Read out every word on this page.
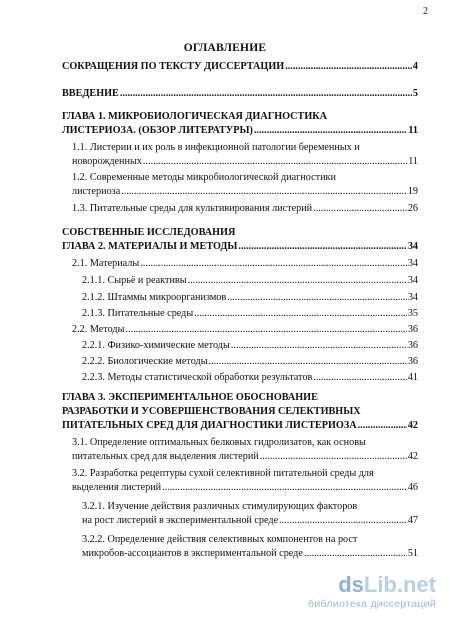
2
ОГЛАВЛЕНИЕ
СОКРАЩЕНИЯ ПО ТЕКСТУ ДИССЕРТАЦИИ .....	4
ВВЕДЕНИЕ .....	5
ГЛАВА 1. МИКРОБИОЛОГИЧЕСКАЯ ДИАГНОСТИКА
ЛИСТЕРИОЗА. (ОБЗОР ЛИТЕРАТУРЫ) .....	11
1.1. Листерии и их роль в инфекционной патологии беременных и
новорожденных .....	11
1.2. Современные методы микробиологической диагностики
листериоза .....	19
1.3. Питательные среды для культивирования листерий .....	26
СОБСТВЕННЫЕ ИССЛЕДОВАНИЯ
ГЛАВА 2. МАТЕРИАЛЫ И МЕТОДЫ .....	34
2.1. Материалы .....	34
2.1.1. Сырьё и реактивы .....	34
2.1.2. Штаммы микроорганизмов .....	34
2.1.3. Питательные среды .....	35
2.2. Методы .....	36
2.2.1. Физико-химические методы .....	36
2.2.2. Биологические методы .....	36
2.2.3. Методы статистической обработки результатов .....	41
ГЛАВА 3. ЭКСПЕРИМЕНТАЛЬНОЕ ОБОСНОВАНИЕ
РАЗРАБОТКИ И УСОВЕРШЕНСТВОВАНИЯ СЕЛЕКТИВНЫХ
ПИТАТЕЛЬНЫХ СРЕД ДЛЯ ДИАГНОСТИКИ ЛИСТЕРИОЗА .....	42
3.1. Определение оптимальных белковых гидролизатов, как основы
питательных сред для выделения листерий .....	42
3.2. Разработка рецептуры сухой селективной питательной среды для
выделения листерий .....	46
3.2.1. Изучение действия различных стимулирующих факторов
на рост листерий в экспериментальной среде .....	47
3.2.2. Определение действия селективных компонентов на рост
микробов-ассоциантов в экспериментальной среде .....	51
dsLib.net
библиотека диссертаций
